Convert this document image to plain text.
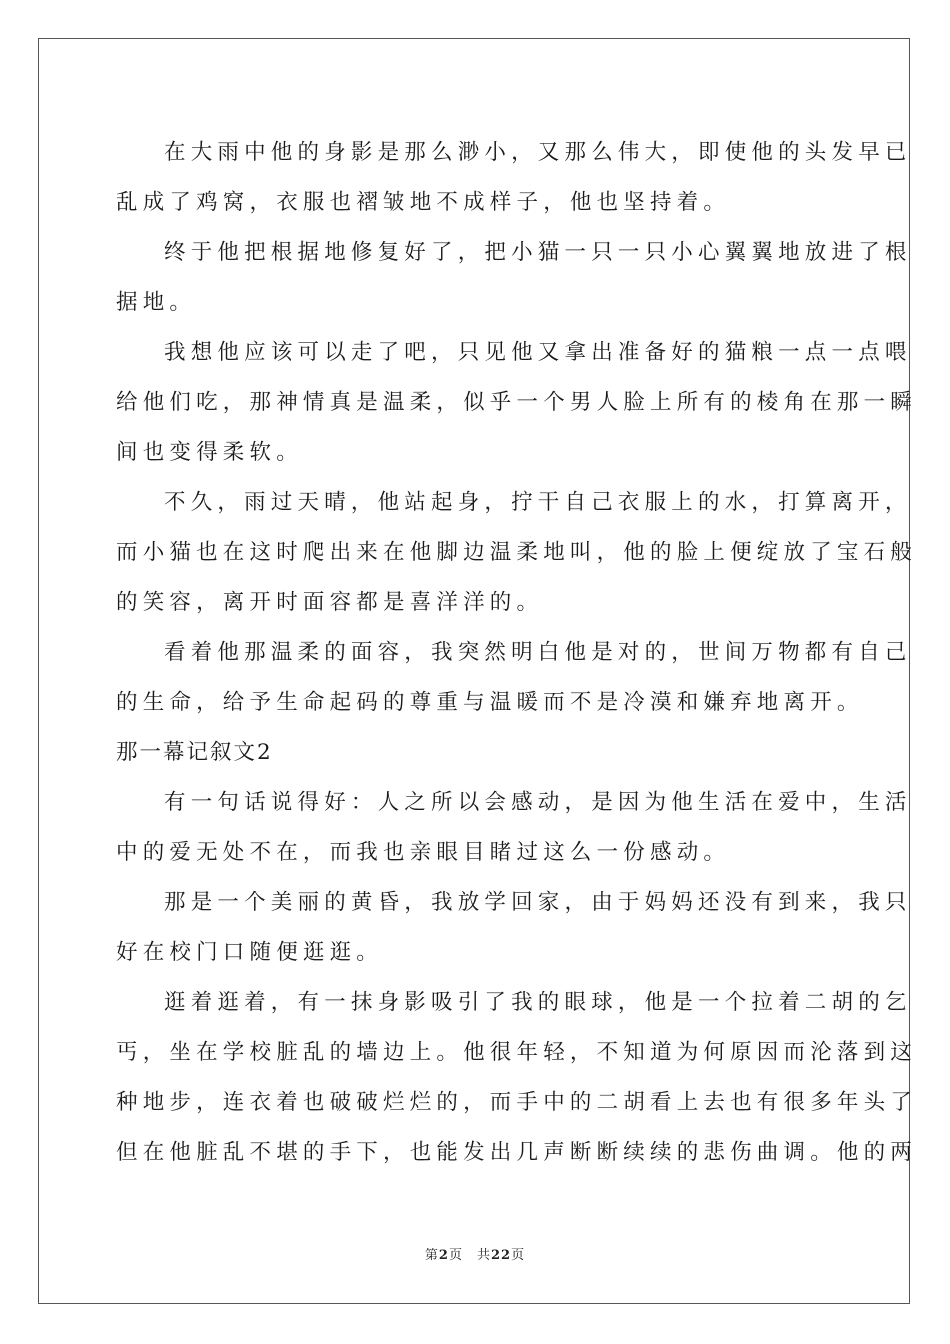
在大雨中他的身影是那么渺小，又那么伟大，即使他的头发早已
乱成了鸡窝，衣服也褶皱地不成样子，他也坚持着。
终于他把根据地修复好了，把小猫一只一只小心翼翼地放进了根
据地。
我想他应该可以走了吧，只见他又拿出准备好的猫粮一点一点喂
给他们吃，那神情真是温柔，似乎一个男人脸上所有的棱角在那一瞬
间也变得柔软。
不久，雨过天晴，他站起身，拧干自己衣服上的水，打算离开，
而小猫也在这时爬出来在他脚边温柔地叫，他的脸上便绽放了宝石般
的笑容，离开时面容都是喜洋洋的。
看着他那温柔的面容，我突然明白他是对的，世间万物都有自己
的生命，给予生命起码的尊重与温暖而不是冷漠和嫌弃地离开。
那一幕记叙文2
有一句话说得好：人之所以会感动，是因为他生活在爱中，生活
中的爱无处不在，而我也亲眼目睹过这么一份感动。
那是一个美丽的黄昏，我放学回家，由于妈妈还没有到来，我只
好在校门口随便逛逛。
逛着逛着，有一抹身影吸引了我的眼球，他是一个拉着二胡的乞
丐，坐在学校脏乱的墙边上。他很年轻，不知道为何原因而沦落到这
种地步，连衣着也破破烂烂的，而手中的二胡看上去也有很多年头了
但在他脏乱不堪的手下，也能发出几声断断续续的悲伤曲调。他的两
第2页 共22页
